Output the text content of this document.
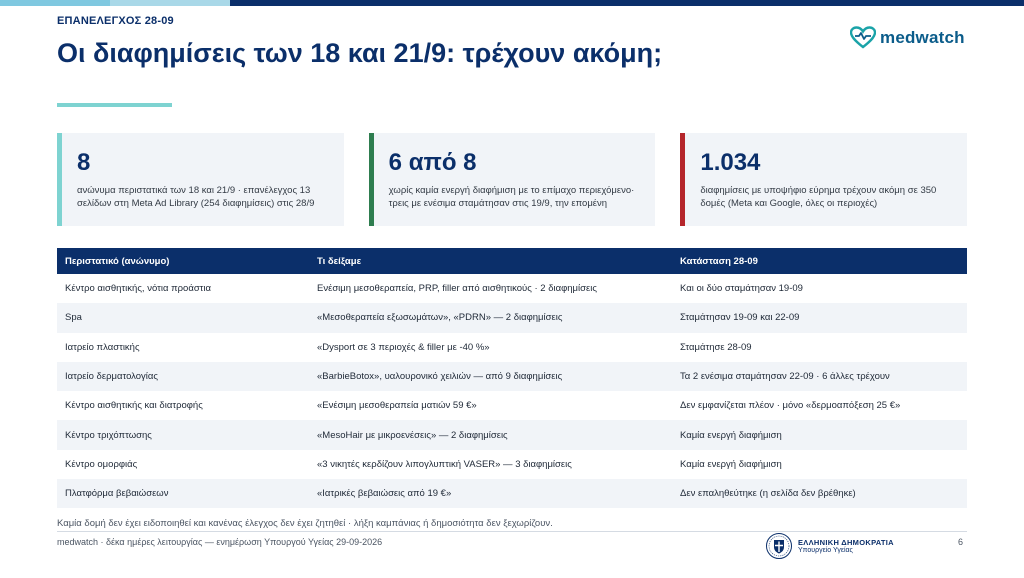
ΕΠΑΝΕΛΕΓΧΟΣ 28-09
Οι διαφημίσεις των 18 και 21/9: τρέχουν ακόμη;
medwatch
8
ανώνυμα περιστατικά των 18 και 21/9 · επανέλεγχος 13 σελίδων στη Meta Ad Library (254 διαφημίσεις) στις 28/9
6 από 8
χωρίς καμία ενεργή διαφήμιση με το επίμαχο περιεχόμενο· τρεις με ενέσιμα σταμάτησαν στις 19/9, την επομένη
1.034
διαφημίσεις με υποψήφιο εύρημα τρέχουν ακόμη σε 350 δομές (Meta και Google, όλες οι περιοχές)
Περιστατικό (ανώνυμο)	Τι δείξαμε	Κατάσταση 28-09
Κέντρο αισθητικής, νότια προάστια	Ενέσιμη μεσοθεραπεία, PRP, filler από αισθητικούς · 2 διαφημίσεις	Και οι δύο σταμάτησαν 19-09
Spa	«Μεσοθεραπεία εξωσωμάτων», «PDRN» — 2 διαφημίσεις	Σταμάτησαν 19-09 και 22-09
Ιατρείο πλαστικής	«Dysport σε 3 περιοχές & filler με -40 %»	Σταμάτησε 28-09
Ιατρείο δερματολογίας	«BarbieBotox», υαλουρονικό χειλιών — από 9 διαφημίσεις	Τα 2 ενέσιμα σταμάτησαν 22-09 · 6 άλλες τρέχουν
Κέντρο αισθητικής και διατροφής	«Ενέσιμη μεσοθεραπεία ματιών 59 €»	Δεν εμφανίζεται πλέον · μόνο «δερμοαπόξεση 25 €»
Κέντρο τριχόπτωσης	«MesoHair με μικροενέσεις» — 2 διαφημίσεις	Καμία ενεργή διαφήμιση
Κέντρο ομορφιάς	«3 νικητές κερδίζουν λιπογλυπτική VASER» — 3 διαφημίσεις	Καμία ενεργή διαφήμιση
Πλατφόρμα βεβαιώσεων	«Ιατρικές βεβαιώσεις από 19 €»	Δεν επαληθεύτηκε (η σελίδα δεν βρέθηκε)
Καμία δομή δεν έχει ειδοποιηθεί και κανένας έλεγχος δεν έχει ζητηθεί · λήξη καμπάνιας ή δημοσιότητα δεν ξεχωρίζουν.
medwatch · δέκα ημέρες λειτουργίας — ενημέρωση Υπουργού Υγείας 29-09-2026	ΕΛΛΗΝΙΚΗ ΔΗΜΟΚΡΑΤΙΑ
Υπουργείο Υγείας
6
